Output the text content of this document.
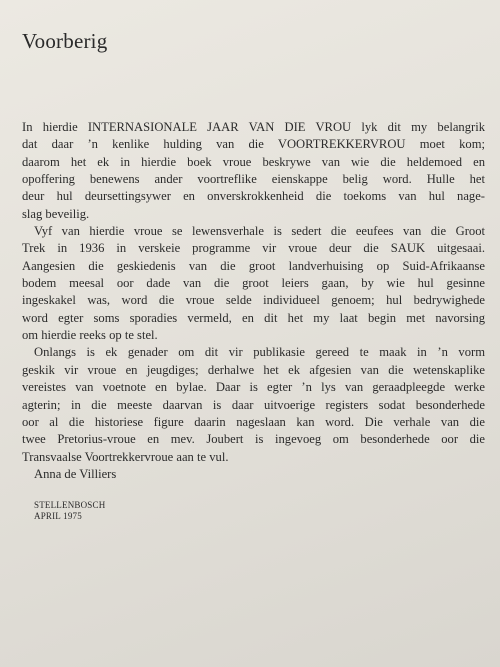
Voorberig

In hierdie INTERNASIONALE JAAR VAN DIE VROU lyk dit my belangrik
dat daar ’n kenlike hulding van die VOORTREKKERVROU moet kom;
daarom het ek in hierdie boek vroue beskrywe van wie die heldemoed en
opoffering benewens ander voortreflike eienskappe belig word. Hulle het
deur hul deursettingsywer en onverskrokkenheid die toekoms van hul nage-
slag beveilig.

Vyf van hierdie vroue se lewensverhale is sedert die eeufees van die Groot
Trek in 1936 in verskeie programme vir vroue deur die SAUK uitgesaai.
Aangesien die geskiedenis van die groot landverhuising op Suid-Afrikaanse
bodem meesal oor dade van die groot leiers gaan, by wie hul gesinne
ingeskakel was, word die vroue selde individueel genoem; hul bedrywighede
word egter soms sporadies vermeld, en dit het my laat begin met navorsing
om hierdie reeks op te stel.

Onlangs is ek genader om dit vir publikasie gereed te maak in ’n vorm
geskik vir vroue en jeugdiges; derhalwe het ek afgesien van die wetenskaplike
vereistes van voetnote en bylae. Daar is egter ’n lys van geraadpleegde werke
agterin; in die meeste daarvan is daar uitvoerige registers sodat besonderhede
oor al die historiese figure daarin nageslaan kan word. Die verhale van die
twee Pretorius-vroue en mev. Joubert is ingevoeg om besonderhede oor die
Transvaalse Voortrekkervroue aan te vul.

Anna de Villiers

STELLENBOSCH
APRIL 1975
